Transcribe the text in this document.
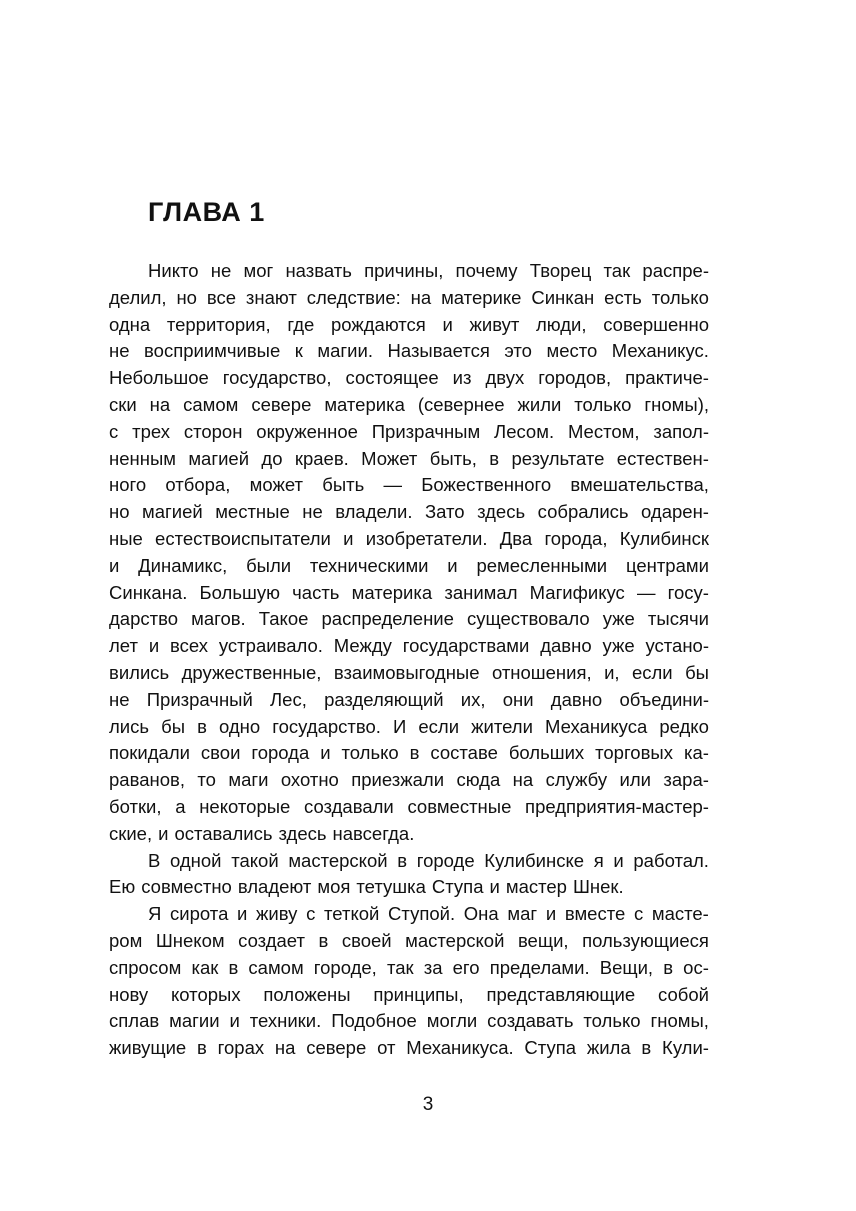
ГЛАВА 1
Никто не мог назвать причины, почему Творец так распре-
делил, но все знают следствие: на материке Синкан есть только
одна территория, где рождаются и живут люди, совершенно
не восприимчивые к магии. Называется это место Механикус.
Небольшое государство, состоящее из двух городов, практиче-
ски на самом севере материка (севернее жили только гномы),
с трех сторон окруженное Призрачным Лесом. Местом, запол-
ненным магией до краев. Может быть, в результате естествен-
ного отбора, может быть — Божественного вмешательства,
но магией местные не владели. Зато здесь собрались одарен-
ные естествоиспытатели и изобретатели. Два города, Кулибинск
и Динамикс, были техническими и ремесленными центрами
Синкана. Большую часть материка занимал Магификус — госу-
дарство магов. Такое распределение существовало уже тысячи
лет и всех устраивало. Между государствами давно уже устано-
вились дружественные, взаимовыгодные отношения, и, если бы
не Призрачный Лес, разделяющий их, они давно объедини-
лись бы в одно государство. И если жители Механикуса редко
покидали свои города и только в составе больших торговых ка-
раванов, то маги охотно приезжали сюда на службу или зара-
ботки, а некоторые создавали совместные предприятия-мастер-
ские, и оставались здесь навсегда.
В одной такой мастерской в городе Кулибинске я и работал.
Ею совместно владеют моя тетушка Ступа и мастер Шнек.
Я сирота и живу с теткой Ступой. Она маг и вместе с масте-
ром Шнеком создает в своей мастерской вещи, пользующиеся
спросом как в самом городе, так за его пределами. Вещи, в ос-
нову которых положены принципы, представляющие собой
сплав магии и техники. Подобное могли создавать только гномы,
живущие в горах на севере от Механикуса. Ступа жила в Кули-
3
